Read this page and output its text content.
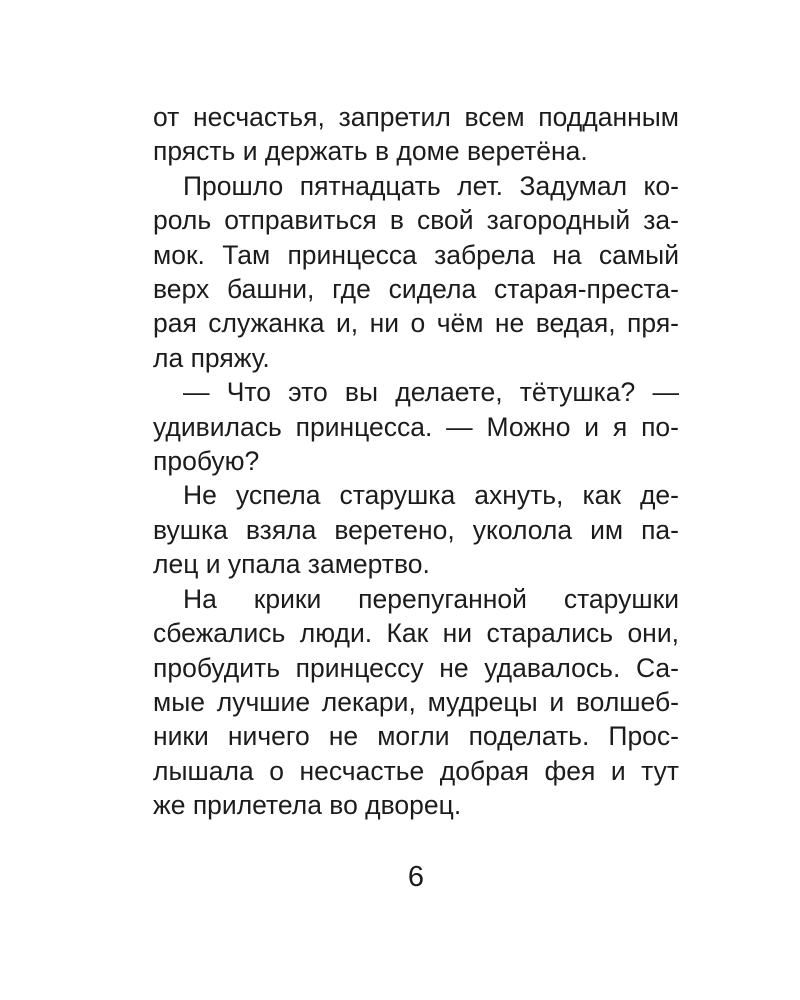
от несчастья, запретил всем подданным
прясть и держать в доме веретёна.
Прошло пятнадцать лет. Задумал ко-
роль отправиться в свой загородный за-
мок. Там принцесса забрела на самый
верх башни, где сидела старая-преста-
рая служанка и, ни о чём не ведая, пря-
ла пряжу.
— Что это вы делаете, тётушка? —
удивилась принцесса. — Можно и я по-
пробую?
Не успела старушка ахнуть, как де-
вушка взяла веретено, уколола им па-
лец и упала замертво.
На крики перепуганной старушки
сбежались люди. Как ни старались они,
пробудить принцессу не удавалось. Са-
мые лучшие лекари, мудрецы и волшеб-
ники ничего не могли поделать. Прос-
лышала о несчастье добрая фея и тут
же прилетела во дворец.
6
